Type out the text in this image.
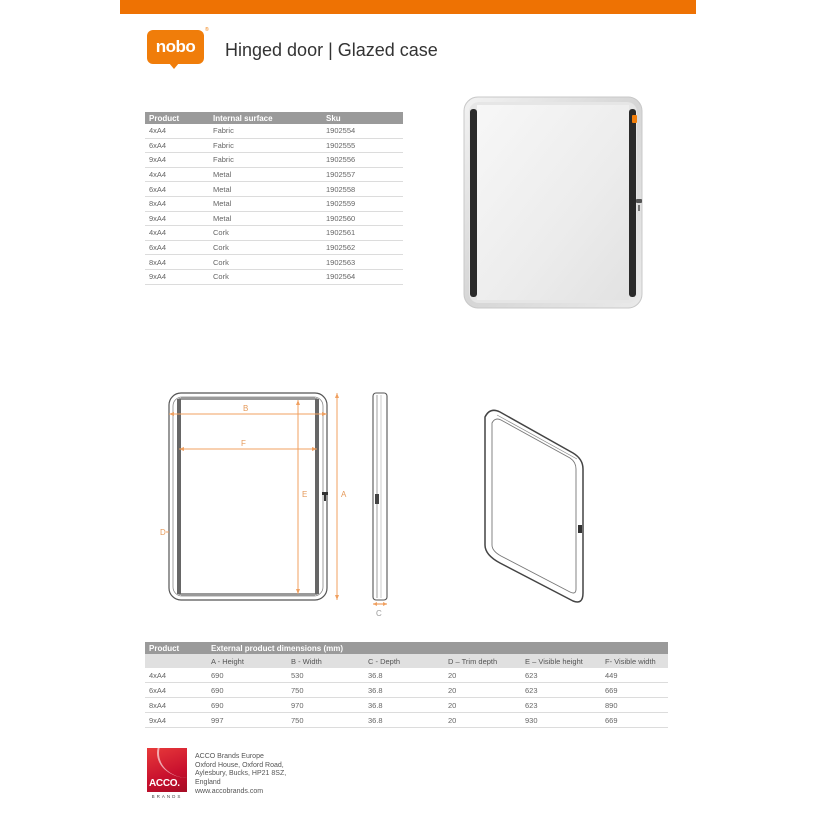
nobo
®
Hinged door | Glazed case
Product	Internal surface	Sku
4xA4	Fabric	1902554
6xA4	Fabric	1902555
9xA4	Fabric	1902556
4xA4	Metal	1902557
6xA4	Metal	1902558
8xA4	Metal	1902559
9xA4	Metal	1902560
4xA4	Cork	1902561
6xA4	Cork	1902562
8xA4	Cork	1902563
9xA4	Cork	1902564
B
F
E	A
D
C
Product	External product dimensions (mm)					
	A - Height	B - Width	C - Depth	D – Trim depth	E – Visible height	F- Visible width
4xA4	690	530	36.8	20	623	449
6xA4	690	750	36.8	20	623	669
8xA4	690	970	36.8	20	623	890
9xA4	997	750	36.8	20	930	669
ACCO.
BRANDS
ACCO Brands Europe
Oxford House, Oxford Road,
Aylesbury, Bucks, HP21 8SZ,
England
www.accobrands.com
